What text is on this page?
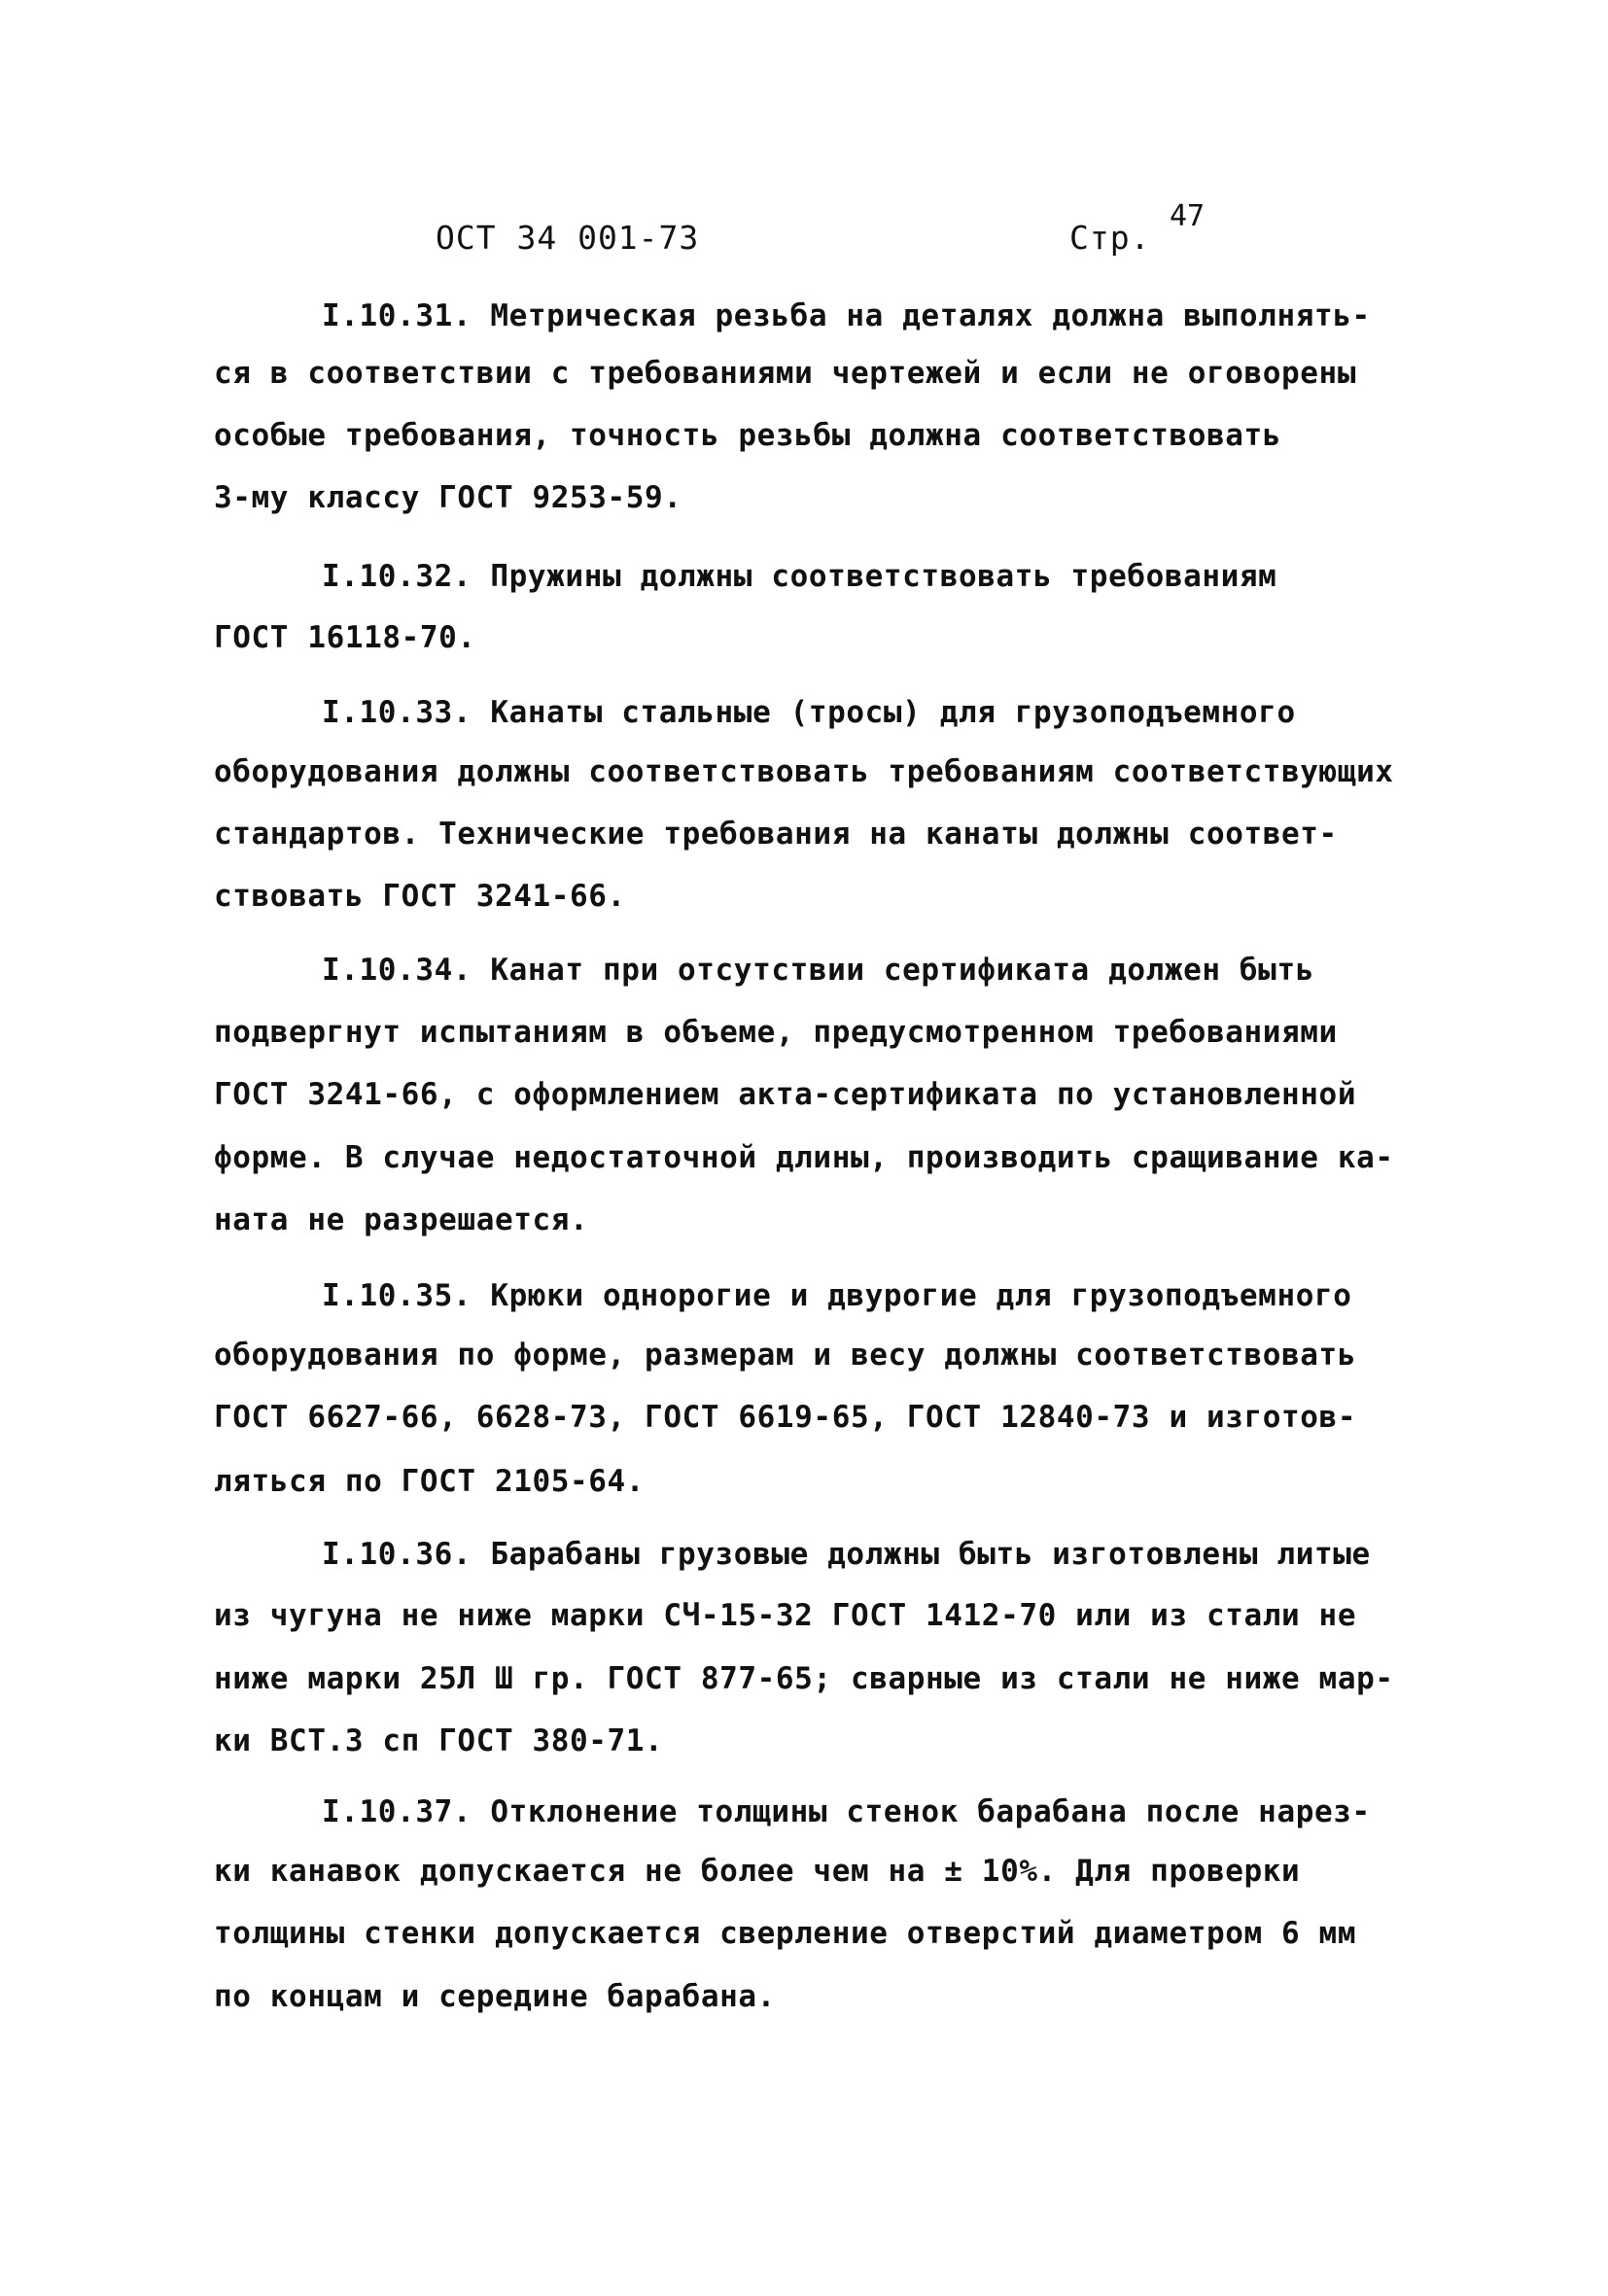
ОСТ 34 001-73	Стр.
47
I.10.31. Метрическая резьба на деталях должна выполнять-
ся в соответствии с требованиями чертежей и если не оговорены
особые требования, точность резьбы должна соответствовать
3-му классу ГОСТ 9253-59.
I.10.32. Пружины должны соответствовать требованиям
ГОСТ 16118-70.
I.10.33. Канаты стальные (тросы) для грузоподъемного
оборудования должны соответствовать требованиям соответствующих
стандартов. Технические требования на канаты должны соответ-
ствовать ГОСТ 3241-66.
I.10.34. Канат при отсутствии сертификата должен быть
подвергнут испытаниям в объеме, предусмотренном требованиями
ГОСТ 3241-66, с оформлением акта-сертификата по установленной
форме. В случае недостаточной длины, производить сращивание ка-
ната не разрешается.
I.10.35. Крюки однорогие и двурогие для грузоподъемного
оборудования по форме, размерам и весу должны соответствовать
ГОСТ 6627-66, 6628-73, ГОСТ 6619-65, ГОСТ 12840-73 и изготов-
ляться по ГОСТ 2105-64.
I.10.36. Барабаны грузовые должны быть изготовлены литые
из чугуна не ниже марки СЧ-15-32 ГОСТ 1412-70 или из стали не
ниже марки 25Л Ш гр. ГОСТ 877-65; сварные из стали не ниже мар-
ки ВСТ.3 сп ГОСТ 380-71.
I.10.37. Отклонение толщины стенок барабана после нарез-
ки канавок допускается не более чем на ± 10%. Для проверки
толщины стенки допускается сверление отверстий диаметром 6 мм
по концам и середине барабана.
